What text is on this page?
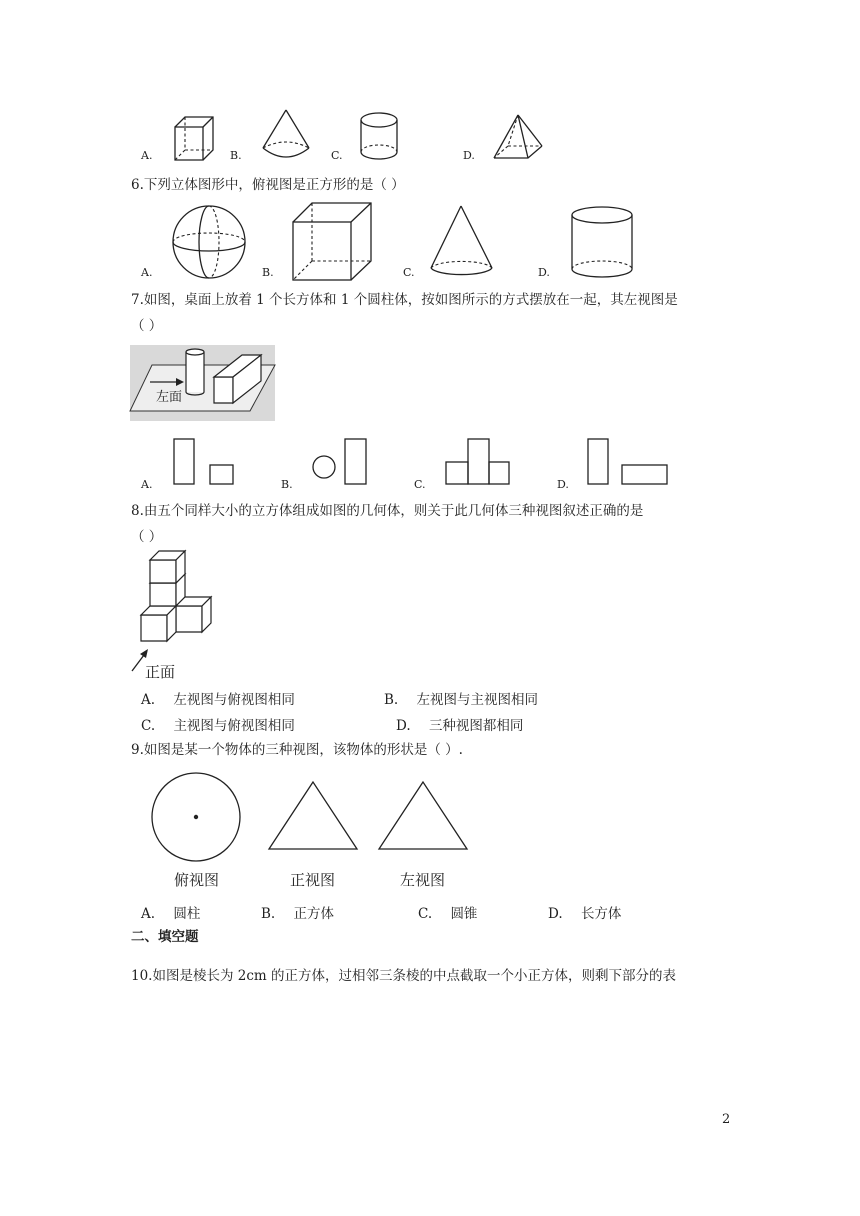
A.	B.	C.	D.
6.下列立体图形中，俯视图是正方形的是（ ）
A.	B.	C.	D.
7.如图，桌面上放着 1 个长方体和 1 个圆柱体，按如图所示的方式摆放在一起，其左视图是
（ ）
左面
A.	B.	C.	D.
8.由五个同样大小的立方体组成如图的几何体，则关于此几何体三种视图叙述正确的是
（ ）
正面
A. 左视图与俯视图相同	B. 左视图与主视图相同
C. 主视图与俯视图相同	D. 三种视图都相同
9.如图是某一个物体的三种视图，该物体的形状是（ ）.
俯视图	正视图	左视图
A. 圆柱	B. 正方体	C. 圆锥	D. 长方体
二、填空题
10.如图是棱长为 2cm 的正方体，过相邻三条棱的中点截取一个小正方体，则剩下部分的表
2
